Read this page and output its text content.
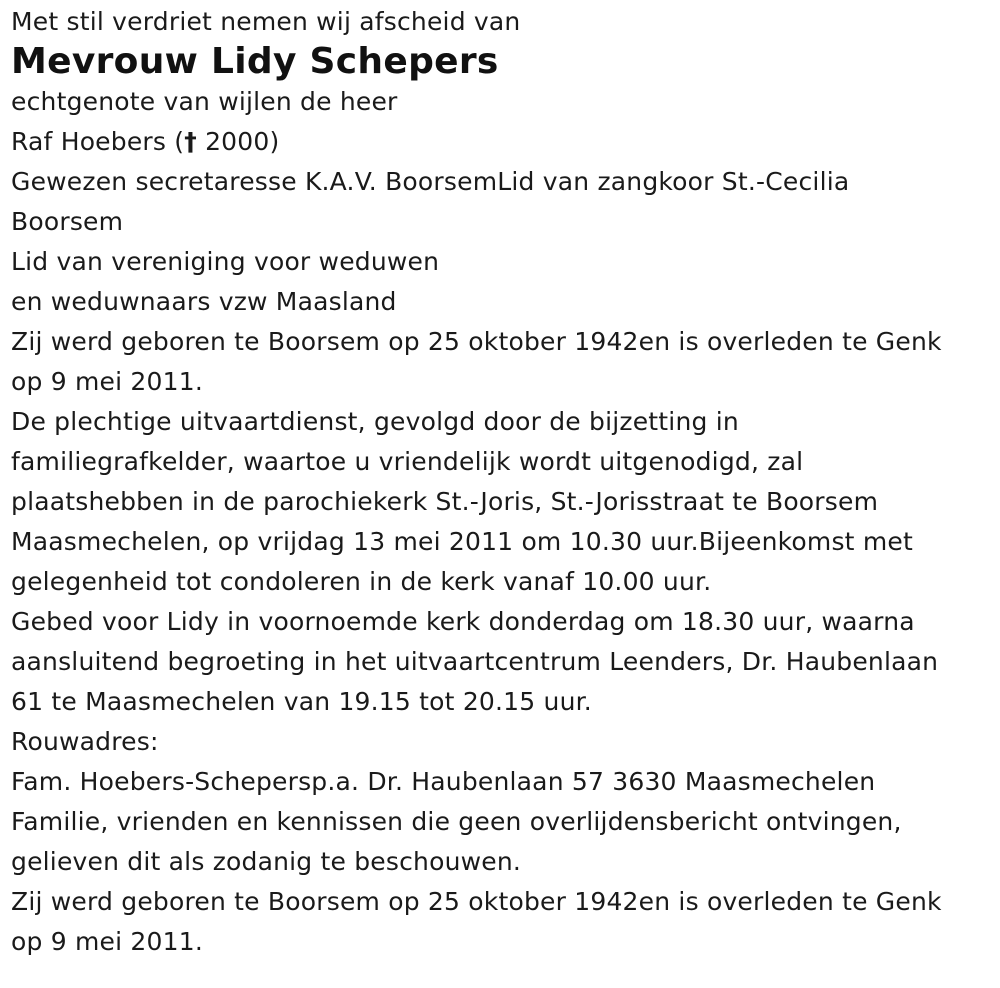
Met stil verdriet nemen wij afscheid van
Mevrouw Lidy Schepers
echtgenote van wijlen de heer
Raf Hoebers († 2000)
Gewezen secretaresse K.A.V. BoorsemLid van zangkoor St.-Cecilia
Boorsem
Lid van vereniging voor weduwen
en weduwnaars vzw Maasland
Zij werd geboren te Boorsem op 25 oktober 1942en is overleden te Genk
op 9 mei 2011.
De plechtige uitvaartdienst, gevolgd door de bijzetting in
familiegrafkelder, waartoe u vriendelijk wordt uitgenodigd, zal
plaatshebben in de parochiekerk St.-Joris, St.-Jorisstraat te Boorsem
Maasmechelen, op vrijdag 13 mei 2011 om 10.30 uur.Bijeenkomst met
gelegenheid tot condoleren in de kerk vanaf 10.00 uur.
Gebed voor Lidy in voornoemde kerk donderdag om 18.30 uur, waarna
aansluitend begroeting in het uitvaartcentrum Leenders, Dr. Haubenlaan
61 te Maasmechelen van 19.15 tot 20.15 uur.
Rouwadres:
Fam. Hoebers-Schepersp.a. Dr. Haubenlaan 57 3630 Maasmechelen
Familie, vrienden en kennissen die geen overlijdensbericht ontvingen,
gelieven dit als zodanig te beschouwen.
Zij werd geboren te Boorsem op 25 oktober 1942en is overleden te Genk
op 9 mei 2011.
